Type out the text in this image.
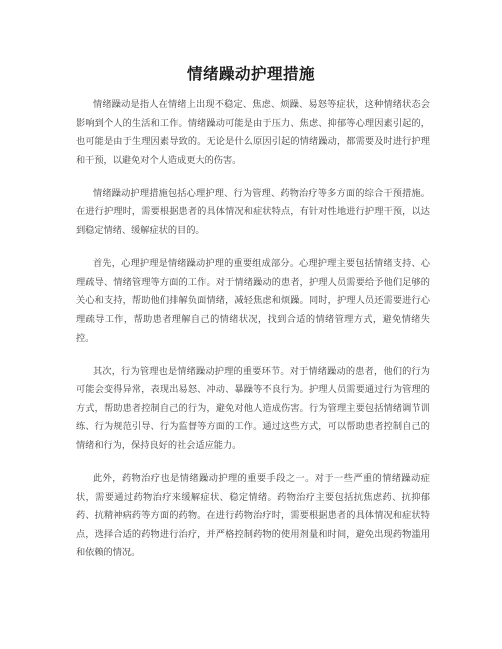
情绪躁动护理措施

情绪躁动是指人在情绪上出现不稳定、焦虑、烦躁、易怒等症状，这种情绪状态会影响到个人的生活和工作。情绪躁动可能是由于压力、焦虑、抑郁等心理因素引起的，也可能是由于生理因素导致的。无论是什么原因引起的情绪躁动，都需要及时进行护理和干预，以避免对个人造成更大的伤害。

情绪躁动护理措施包括心理护理、行为管理、药物治疗等多方面的综合干预措施。在进行护理时，需要根据患者的具体情况和症状特点，有针对性地进行护理干预，以达到稳定情绪、缓解症状的目的。

首先，心理护理是情绪躁动护理的重要组成部分。心理护理主要包括情绪支持、心理疏导、情绪管理等方面的工作。对于情绪躁动的患者，护理人员需要给予他们足够的关心和支持，帮助他们排解负面情绪，减轻焦虑和烦躁。同时，护理人员还需要进行心理疏导工作，帮助患者理解自己的情绪状况，找到合适的情绪管理方式，避免情绪失控。

其次，行为管理也是情绪躁动护理的重要环节。对于情绪躁动的患者，他们的行为可能会变得异常，表现出易怒、冲动、暴躁等不良行为。护理人员需要通过行为管理的方式，帮助患者控制自己的行为，避免对他人造成伤害。行为管理主要包括情绪调节训练、行为规范引导、行为监督等方面的工作。通过这些方式，可以帮助患者控制自己的情绪和行为，保持良好的社会适应能力。

此外，药物治疗也是情绪躁动护理的重要手段之一。对于一些严重的情绪躁动症状，需要通过药物治疗来缓解症状、稳定情绪。药物治疗主要包括抗焦虑药、抗抑郁药、抗精神病药等方面的药物。在进行药物治疗时，需要根据患者的具体情况和症状特点，选择合适的药物进行治疗，并严格控制药物的使用剂量和时间，避免出现药物滥用和依赖的情况。
